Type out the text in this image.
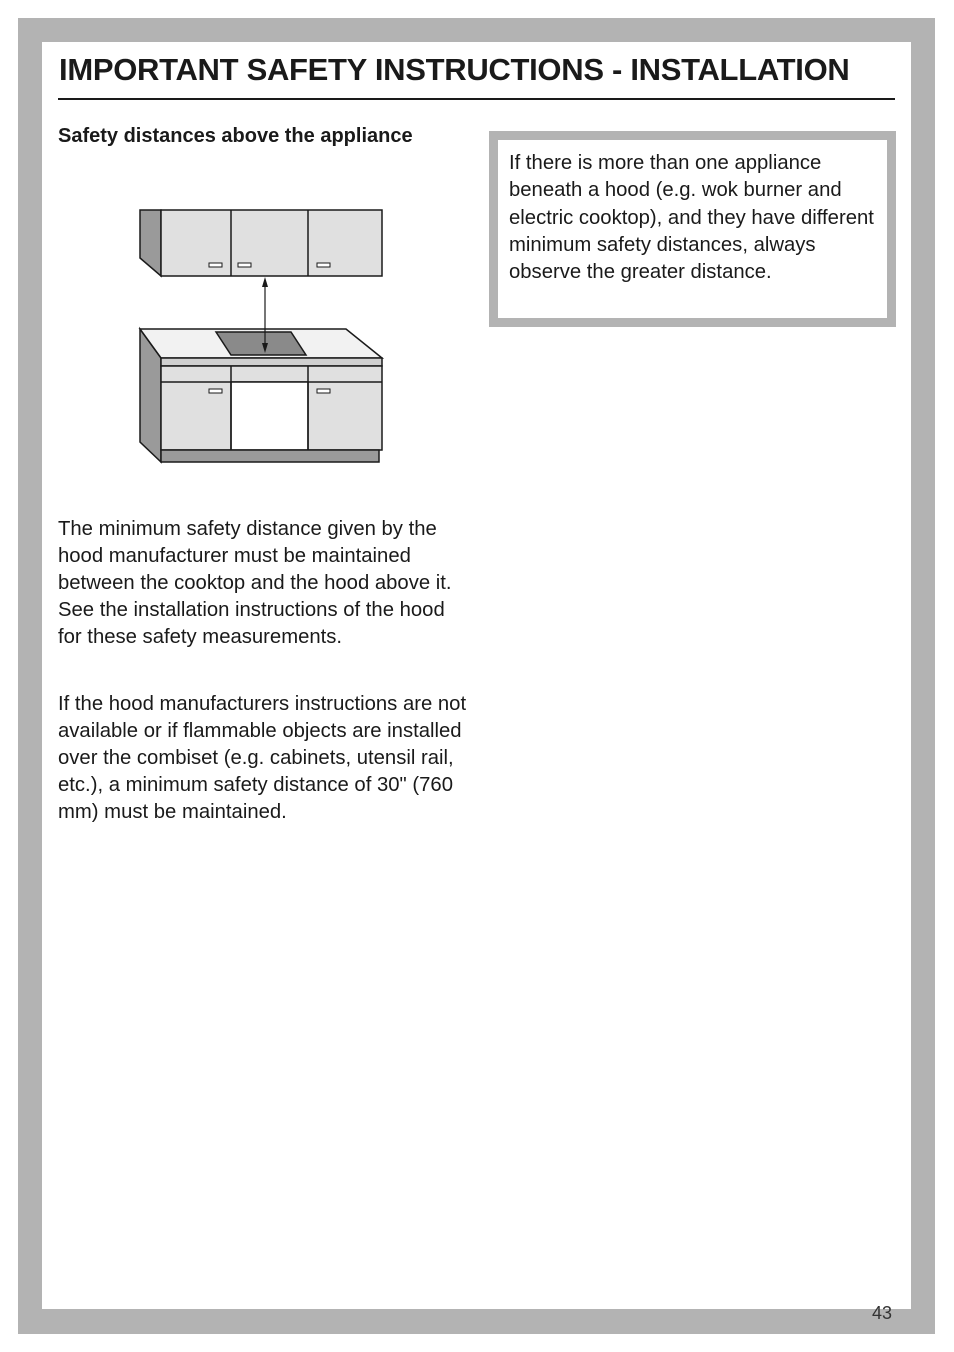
IMPORTANT SAFETY INSTRUCTIONS - INSTALLATION
Safety distances above the appliance

The minimum safety distance given by the hood manufacturer must be maintained between the cooktop and the hood above it. See the installation instructions of the hood for these safety measurements.

If the hood manufacturers instructions are not available or if flammable objects are installed over the combiset (e.g. cabinets, utensil rail, etc.), a minimum safety distance of 30" (760 mm) must be maintained.

If there is more than one appliance beneath a hood (e.g. wok burner and electric cooktop), and they have different minimum safety distances, always observe the greater distance.

43
